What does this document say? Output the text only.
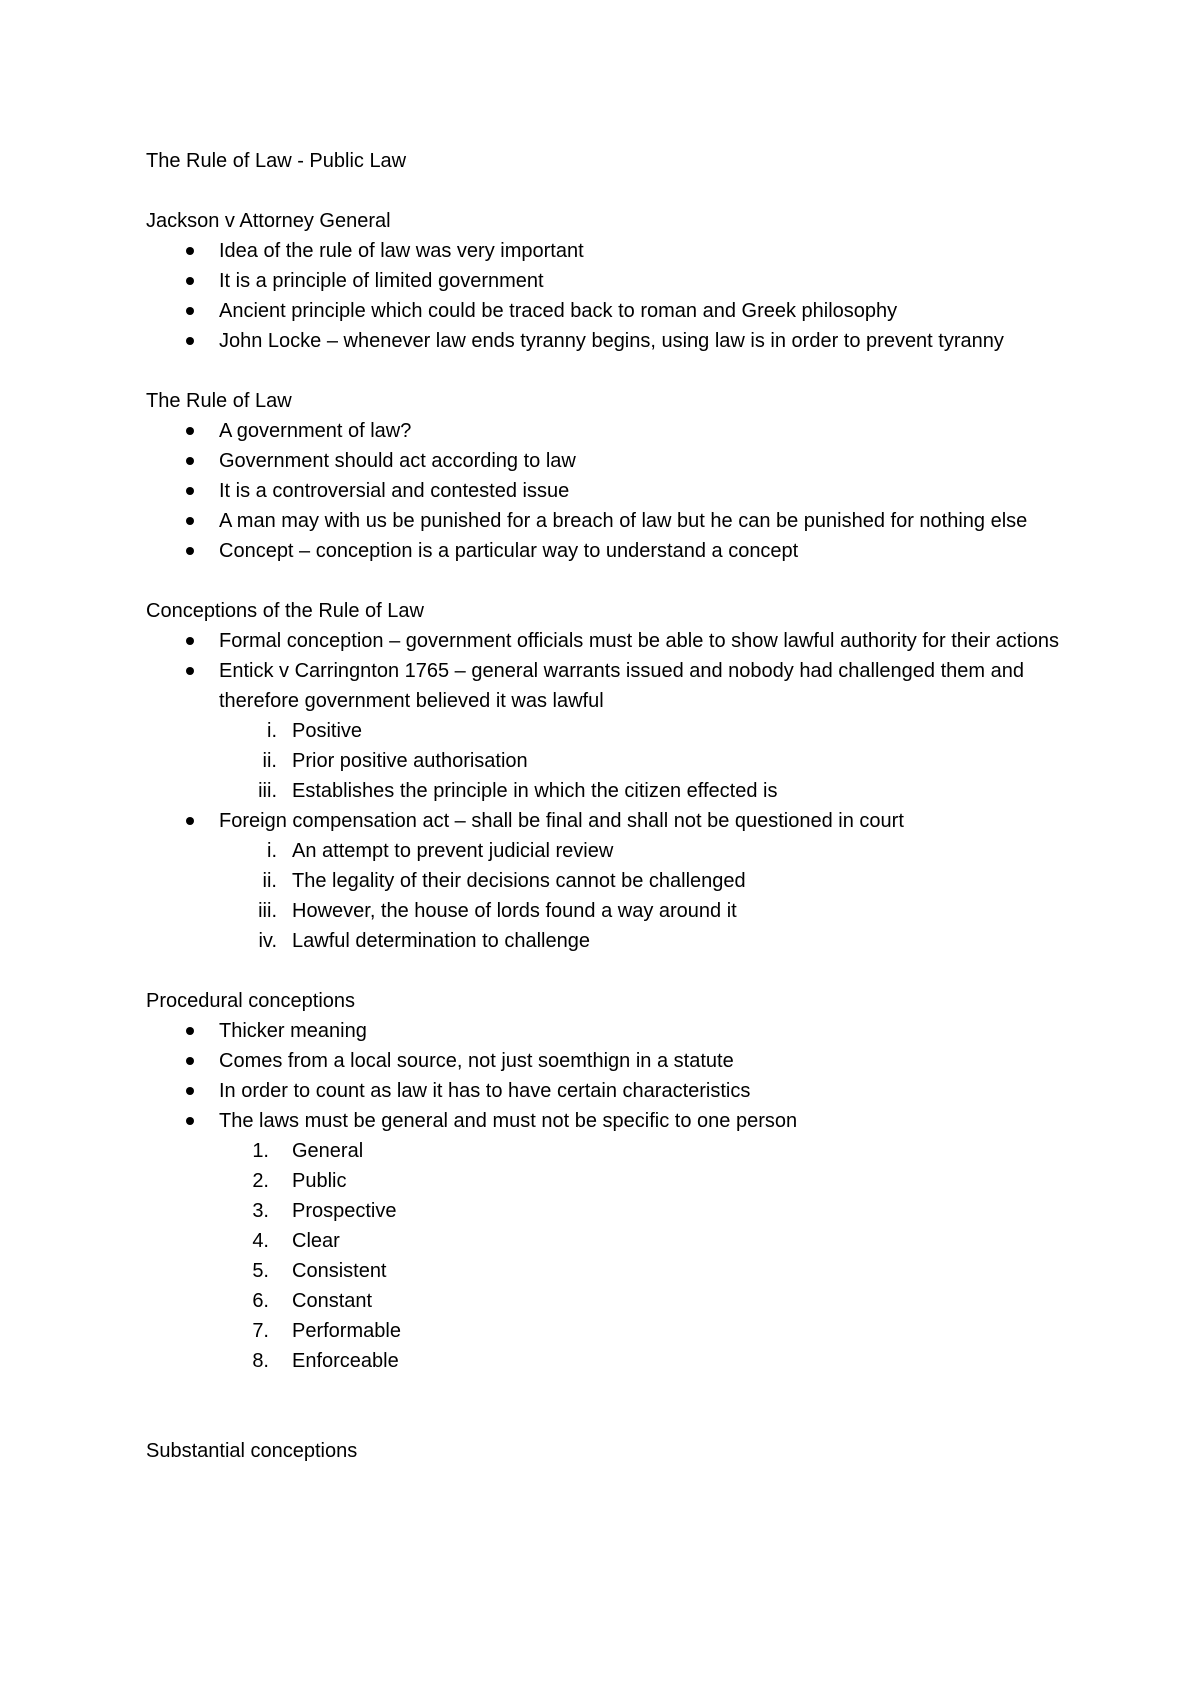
The Rule of Law - Public Law

Jackson v Attorney General

Idea of the rule of law was very important
It is a principle of limited government
Ancient principle which could be traced back to roman and Greek philosophy
John Locke – whenever law ends tyranny begins, using law is in order to prevent tyranny

The Rule of Law

A government of law?
Government should act according to law
It is a controversial and contested issue
A man may with us be punished for a breach of law but he can be punished for nothing else
Concept – conception is a particular way to understand a concept

Conceptions of the Rule of Law

Formal conception – government officials must be able to show lawful authority for their actions
Entick v Carringnton 1765 – general warrants issued and nobody had challenged them and therefore government believed it was lawful
i. Positive
ii. Prior positive authorisation
iii. Establishes the principle in which the citizen effected is
Foreign compensation act – shall be final and shall not be questioned in court
i. An attempt to prevent judicial review
ii. The legality of their decisions cannot be challenged
iii. However, the house of lords found a way around it
iv. Lawful determination to challenge

Procedural conceptions

Thicker meaning
Comes from a local source, not just soemthign in a statute
In order to count as law it has to have certain characteristics
The laws must be general and must not be specific to one person
1. General
2. Public
3. Prospective
4. Clear
5. Consistent
6. Constant
7. Performable
8. Enforceable

Substantial conceptions
